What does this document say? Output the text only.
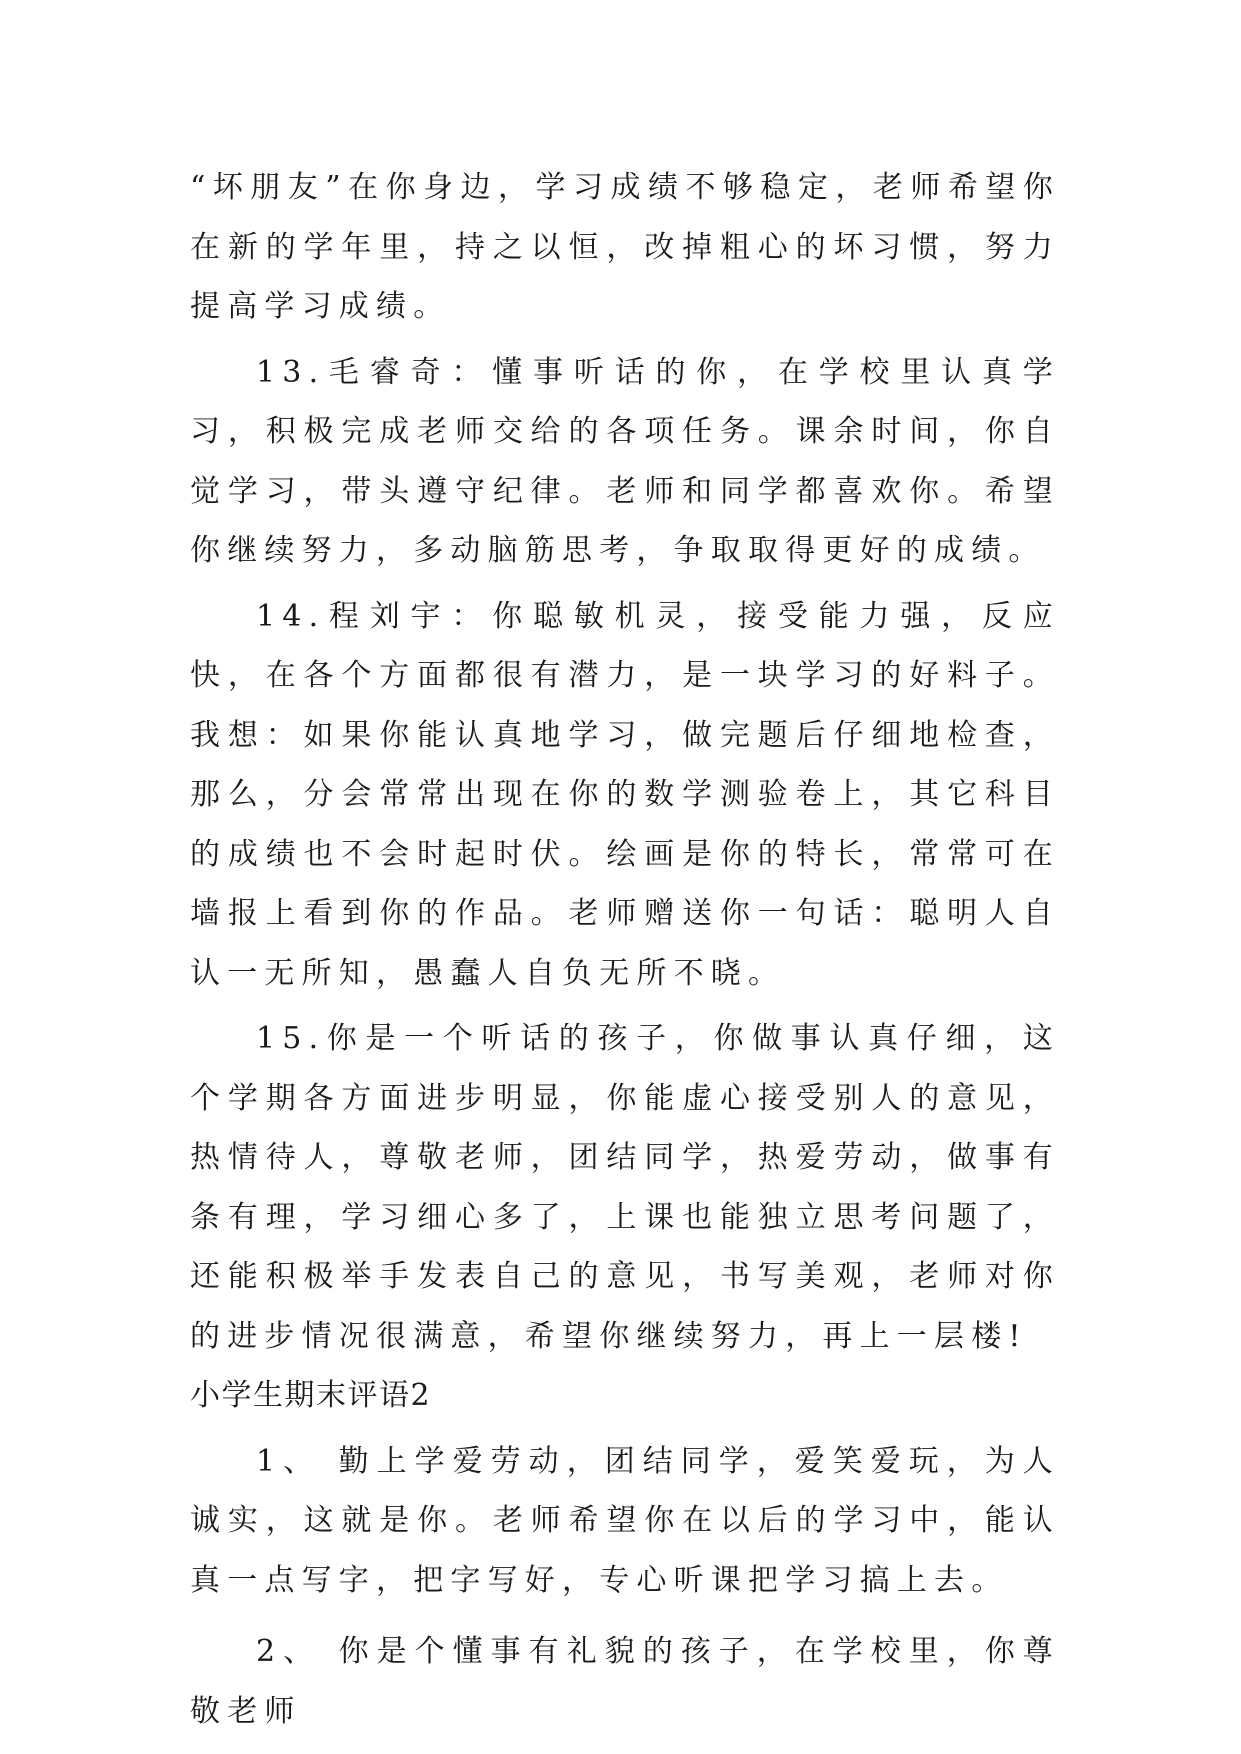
“坏朋友”在你身边，学习成绩不够稳定，老师希望你在新的学年里，持之以恒，改掉粗心的坏习惯，努力提高学习成绩。

13.毛睿奇：懂事听话的你，在学校里认真学习，积极完成老师交给的各项任务。课余时间，你自觉学习，带头遵守纪律。老师和同学都喜欢你。希望你继续努力，多动脑筋思考，争取取得更好的成绩。

14.程刘宇：你聪敏机灵，接受能力强，反应快，在各个方面都很有潜力，是一块学习的好料子。我想：如果你能认真地学习，做完题后仔细地检查，那么，分会常常出现在你的数学测验卷上，其它科目的成绩也不会时起时伏。绘画是你的特长，常常可在墙报上看到你的作品。老师赠送你一句话：聪明人自认一无所知，愚蠢人自负无所不晓。

15.你是一个听话的孩子，你做事认真仔细，这个学期各方面进步明显，你能虚心接受别人的意见，热情待人，尊敬老师，团结同学，热爱劳动，做事有条有理，学习细心多了，上课也能独立思考问题了，还能积极举手发表自己的意见，书写美观，老师对你的进步情况很满意，希望你继续努力，再上一层楼!

小学生期末评语2

1、 勤上学爱劳动，团结同学，爱笑爱玩，为人诚实，这就是你。老师希望你在以后的学习中，能认真一点写字，把字写好，专心听课把学习搞上去。

2、 你是个懂事有礼貌的孩子，在学校里，你尊敬老师
